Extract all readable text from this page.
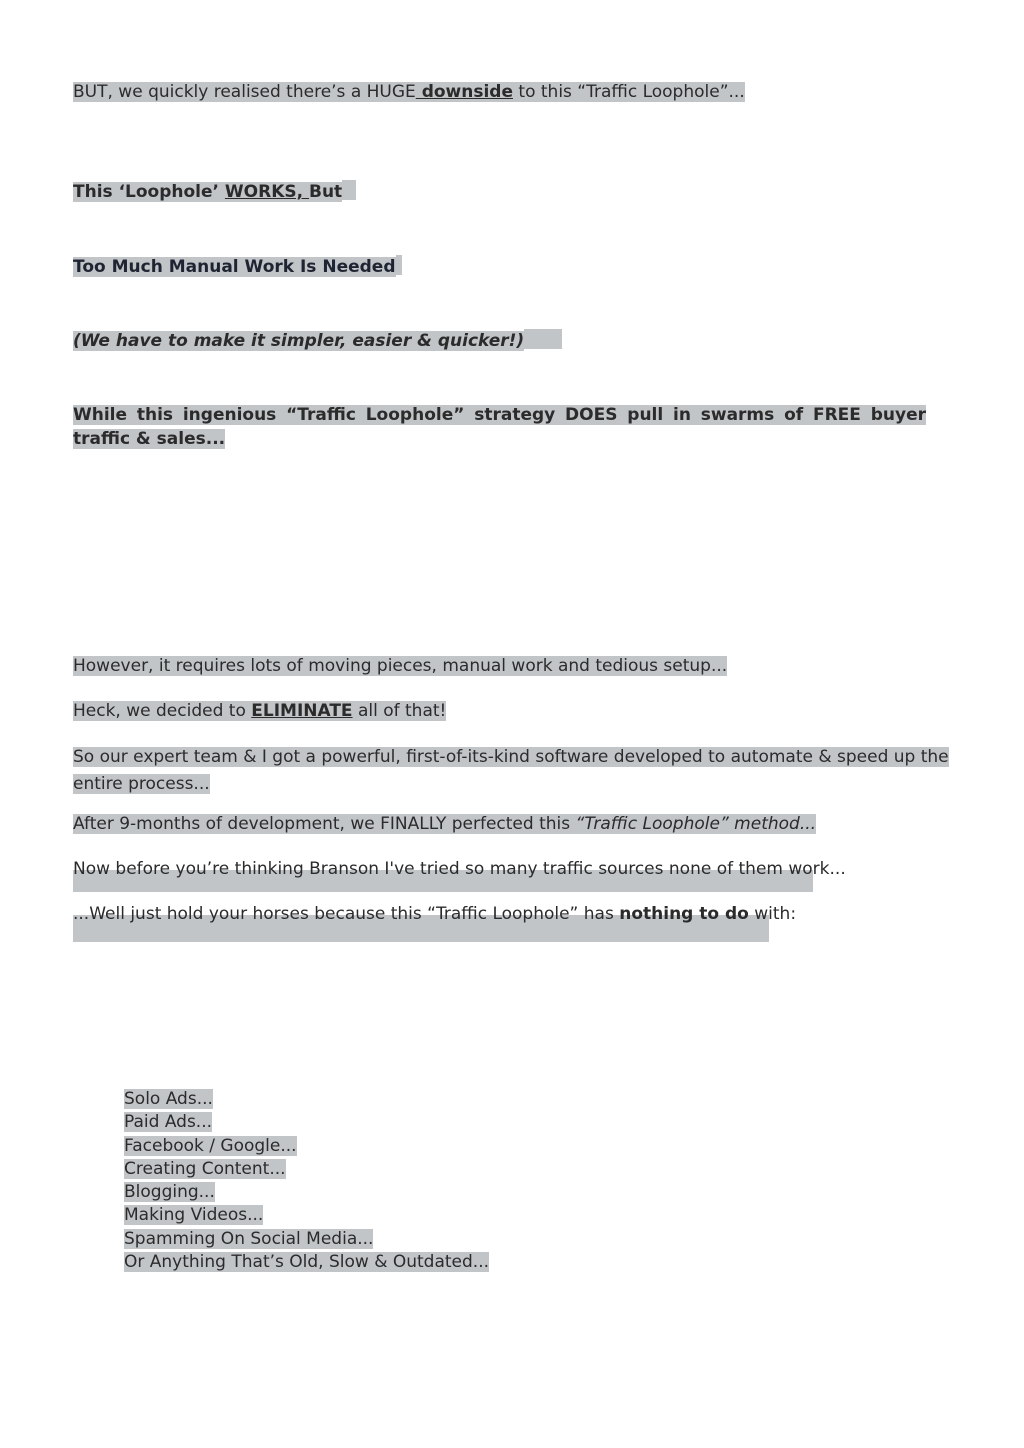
BUT, we quickly realised there’s a HUGE downside to this “Traffic Loophole”...

This ‘Loophole’ WORKS, But

Too Much Manual Work Is Needed

(We have to make it simpler, easier & quicker!)

While this ingenious “Traffic Loophole” strategy DOES pull in swarms of FREE buyer traffic & sales...

However, it requires lots of moving pieces, manual work and tedious setup...

Heck, we decided to ELIMINATE all of that!

So our expert team & I got a powerful, first-of-its-kind software developed to automate & speed up the

entire process...

After 9-months of development, we FINALLY perfected this “Traffic Loophole” method...

Now before you’re thinking Branson I've tried so many traffic sources none of them work...

...Well just hold your horses because this “Traffic Loophole” has nothing to do with:

Solo Ads...
Paid Ads...
Facebook / Google...
Creating Content...
Blogging...
Making Videos...
Spamming On Social Media...
Or Anything That’s Old, Slow & Outdated...
